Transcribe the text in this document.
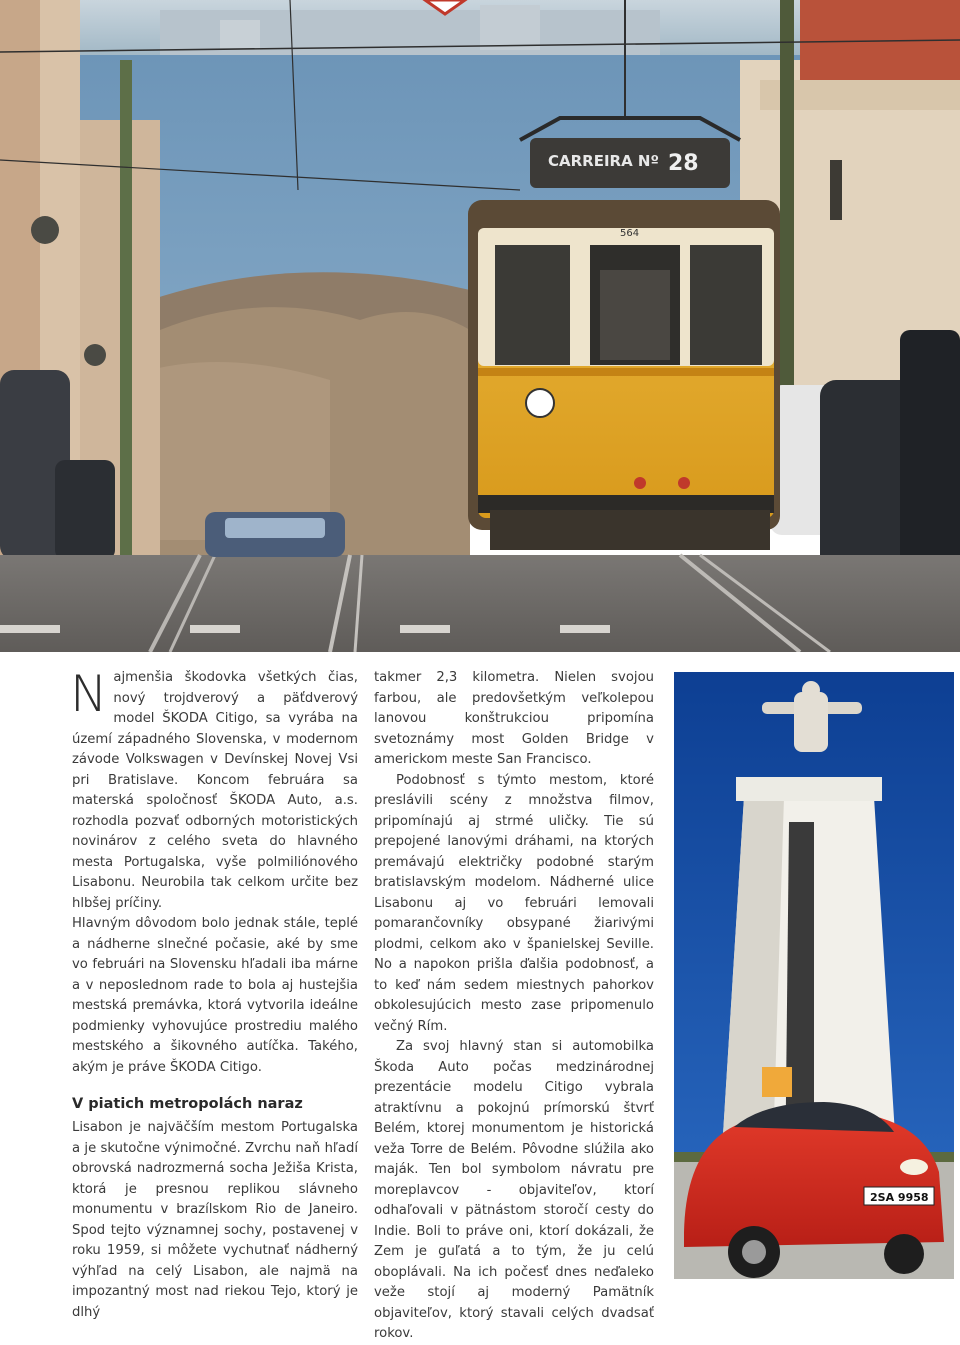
CARREIRA Nº 28
564

Najmenšia škodovka všetkých čias, nový trojdverový a päťdverový model ŠKODA Citigo, sa vyrába na území západného Slovenska, v modernom závode Volkswagen v Devínskej Novej Vsi pri Bratislave. Koncom februára sa materská spoločnosť ŠKODA Auto, a.s. rozhodla pozvať odborných motoristických novinárov z celého sveta do hlavného mesta Portugalska, vyše polmiliónového Lisabonu. Neurobila tak celkom určite bez hlbšej príčiny.

Hlavným dôvodom bolo jednak stále, teplé a nádherne slnečné počasie, aké by sme vo februári na Slovensku hľadali iba márne a v neposlednom rade to bola aj hustejšia mestská premávka, ktorá vytvorila ideálne podmienky vyhovujúce prostrediu malého mestského a šikovného autíčka. Takého, akým je práve ŠKODA Citigo.

V piatich metropolách naraz

Lisabon je najväčším mestom Portugalska a je skutočne výnimočné. Zvrchu naň hľadí obrovská nadrozmerná socha Ježiša Krista, ktorá je presnou replikou slávneho monumentu v brazílskom Rio de Janeiro. Spod tejto významnej sochy, postavenej v roku 1959, si môžete vychutnať nádherný výhľad na celý Lisabon, ale najmä na impozantný most nad riekou Tejo, ktorý je dlhý

takmer 2,3 kilometra. Nielen svojou farbou, ale predovšetkým veľkolepou lanovou konštrukciou pripomína svetoznámy most Golden Bridge v americkom meste San Francisco.

Podobnosť s týmto mestom, ktoré preslávili scény z množstva filmov, pripomínajú aj strmé uličky. Tie sú prepojené lanovými dráhami, na ktorých premávajú električky podobné starým bratislavským modelom. Nádherné ulice Lisabonu aj vo februári lemovali pomarančovníky obsypané žiarivými plodmi, celkom ako v španielskej Seville. No a napokon prišla ďalšia podobnosť, a to keď nám sedem miestnych pahorkov obkolesujúcich mesto zase pripomenulo večný Rím.

Za svoj hlavný stan si automobilka Škoda Auto počas medzinárodnej prezentácie modelu Citigo vybrala atraktívnu a pokojnú prímorskú štvrť Belém, ktorej monumentom je historická veža Torre de Belém. Pôvodne slúžila ako maják. Ten bol symbolom návratu pre moreplavcov - objaviteľov, ktorí odhaľovali v pätnástom storočí cesty do Indie. Boli to práve oni, ktorí dokázali, že Zem je guľatá a to tým, že ju celú oboplávali. Na ich počesť dnes neďaleko veže stojí aj moderný Pamätník objaviteľov, ktorý stavali celých dvadsať rokov.

2SA 9958
